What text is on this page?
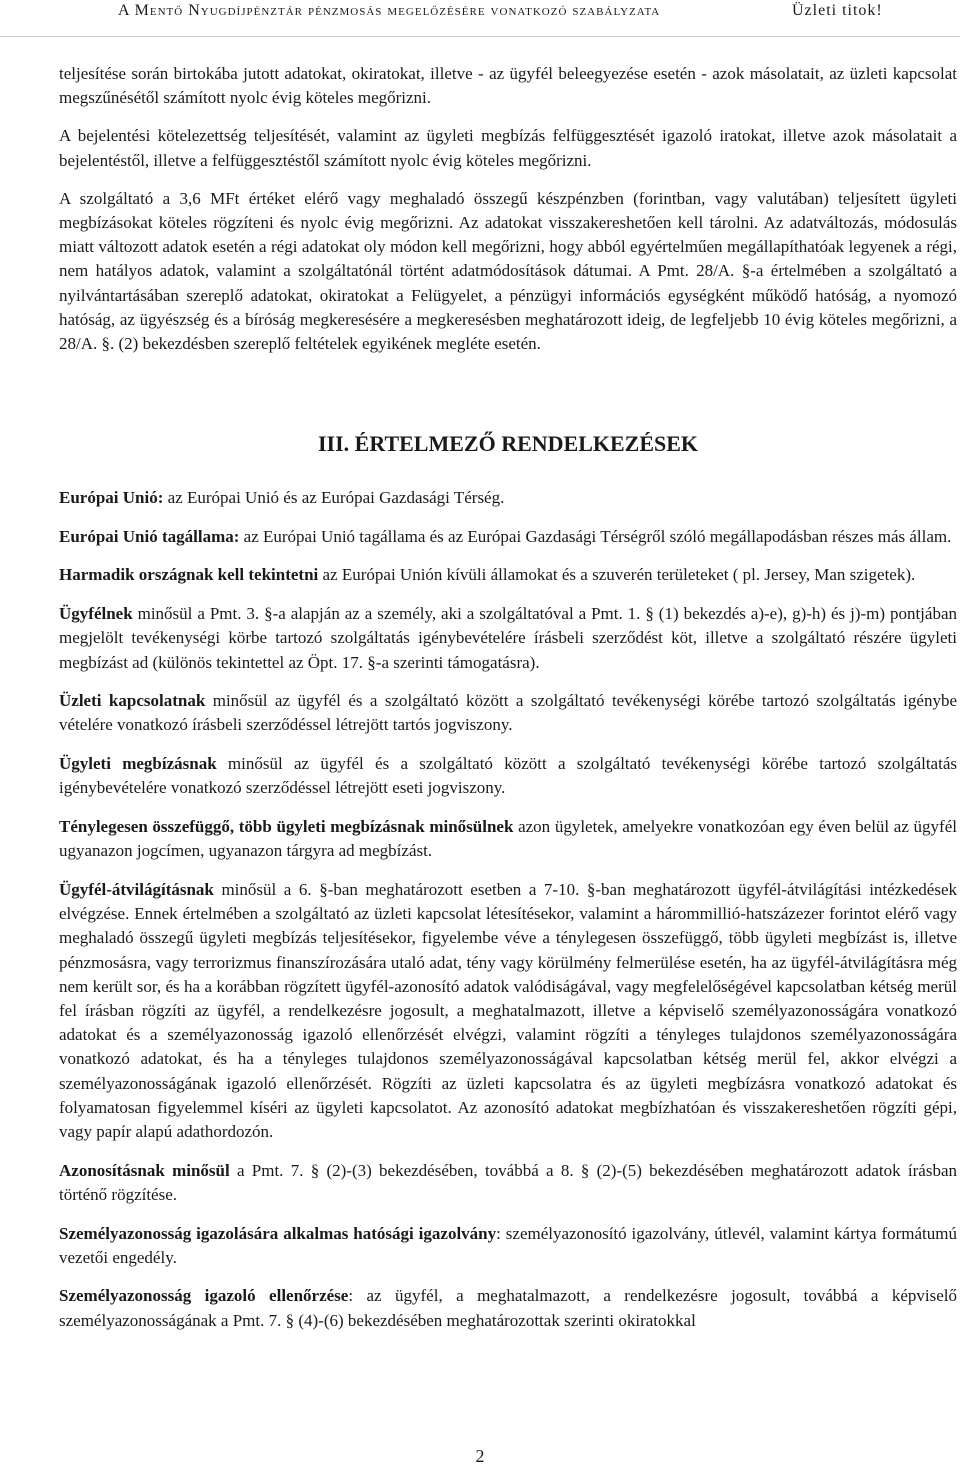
A Mentő Nyugdíjpénztár pénzmosás megelőzésére vonatkozó szabályzata	Üzleti titok!

teljesítése során birtokába jutott adatokat, okiratokat, illetve - az ügyfél beleegyezése esetén - azok másolatait, az üzleti kapcsolat megszűnésétől számított nyolc évig köteles megőrizni.

A bejelentési kötelezettség teljesítését, valamint az ügyleti megbízás felfüggesztését igazoló iratokat, illetve azok másolatait a bejelentéstől, illetve a felfüggesztéstől számított nyolc évig köteles megőrizni.

A szolgáltató a 3,6 MFt értéket elérő vagy meghaladó összegű készpénzben (forintban, vagy valutában) teljesített ügyleti megbízásokat köteles rögzíteni és nyolc évig megőrizni. Az adatokat visszakereshetően kell tárolni. Az adatváltozás, módosulás miatt változott adatok esetén a régi adatokat oly módon kell megőrizni, hogy abból egyértelműen megállapíthatóak legyenek a régi, nem hatályos adatok, valamint a szolgáltatónál történt adatmódosítások dátumai. A Pmt. 28/A. §-a értelmében a szolgáltató a nyilvántartásában szereplő adatokat, okiratokat a Felügyelet, a pénzügyi információs egységként működő hatóság, a nyomozó hatóság, az ügyészség és a bíróság megkeresésére a megkeresésben meghatározott ideig, de legfeljebb 10 évig köteles megőrizni, a 28/A. §. (2) bekezdésben szereplő feltételek egyikének megléte esetén.

III. ÉRTELMEZŐ RENDELKEZÉSEK

Európai Unió: az Európai Unió és az Európai Gazdasági Térség.

Európai Unió tagállama: az Európai Unió tagállama és az Európai Gazdasági Térségről szóló megállapodásban részes más állam.

Harmadik országnak kell tekintetni az Európai Unión kívüli államokat és a szuverén területeket ( pl. Jersey, Man szigetek).

Ügyfélnek minősül a Pmt. 3. §-a alapján az a személy, aki a szolgáltatóval a Pmt. 1. § (1) bekezdés a)-e), g)-h) és j)-m) pontjában megjelölt tevékenységi körbe tartozó szolgáltatás igénybevételére írásbeli szerződést köt, illetve a szolgáltató részére ügyleti megbízást ad (különös tekintettel az Öpt. 17. §-a szerinti támogatásra).

Üzleti kapcsolatnak minősül az ügyfél és a szolgáltató között a szolgáltató tevékenységi körébe tartozó szolgáltatás igénybe vételére vonatkozó írásbeli szerződéssel létrejött tartós jogviszony.

Ügyleti megbízásnak minősül az ügyfél és a szolgáltató között a szolgáltató tevékenységi körébe tartozó szolgáltatás igénybevételére vonatkozó szerződéssel létrejött eseti jogviszony.

Ténylegesen összefüggő, több ügyleti megbízásnak minősülnek azon ügyletek, amelyekre vonatkozóan egy éven belül az ügyfél ugyanazon jogcímen, ugyanazon tárgyra ad megbízást.

Ügyfél-átvilágításnak minősül a 6. §-ban meghatározott esetben a 7-10. §-ban meghatározott ügyfél-átvilágítási intézkedések elvégzése. Ennek értelmében a szolgáltató az üzleti kapcsolat létesítésekor, valamint a hárommillió-hatszázezer forintot elérő vagy meghaladó összegű ügyleti megbízás teljesítésekor, figyelembe véve a ténylegesen összefüggő, több ügyleti megbízást is, illetve pénzmosásra, vagy terrorizmus finanszírozására utaló adat, tény vagy körülmény felmerülése esetén, ha az ügyfél-átvilágításra még nem került sor, és ha a korábban rögzített ügyfél-azonosító adatok valódiságával, vagy megfelelőségével kapcsolatban kétség merül fel írásban rögzíti az ügyfél, a rendelkezésre jogosult, a meghatalmazott, illetve a képviselő személyazonosságára vonatkozó adatokat és a személyazonosság igazoló ellenőrzését elvégzi, valamint rögzíti a tényleges tulajdonos személyazonosságára vonatkozó adatokat, és ha a tényleges tulajdonos személyazonosságával kapcsolatban kétség merül fel, akkor elvégzi a személyazonosságának igazoló ellenőrzését. Rögzíti az üzleti kapcsolatra és az ügyleti megbízásra vonatkozó adatokat és folyamatosan figyelemmel kíséri az ügyleti kapcsolatot. Az azonosító adatokat megbízhatóan és visszakereshetően rögzíti gépi, vagy papír alapú adathordozón.

Azonosításnak minősül a Pmt. 7. § (2)-(3) bekezdésében, továbbá a 8. § (2)-(5) bekezdésében meghatározott adatok írásban történő rögzítése.

Személyazonosság igazolására alkalmas hatósági igazolvány: személyazonosító igazolvány, útlevél, valamint kártya formátumú vezetői engedély.

Személyazonosság igazoló ellenőrzése: az ügyfél, a meghatalmazott, a rendelkezésre jogosult, továbbá a képviselő személyazonosságának a Pmt. 7. § (4)-(6) bekezdésében meghatározottak szerinti okiratokkal

2
